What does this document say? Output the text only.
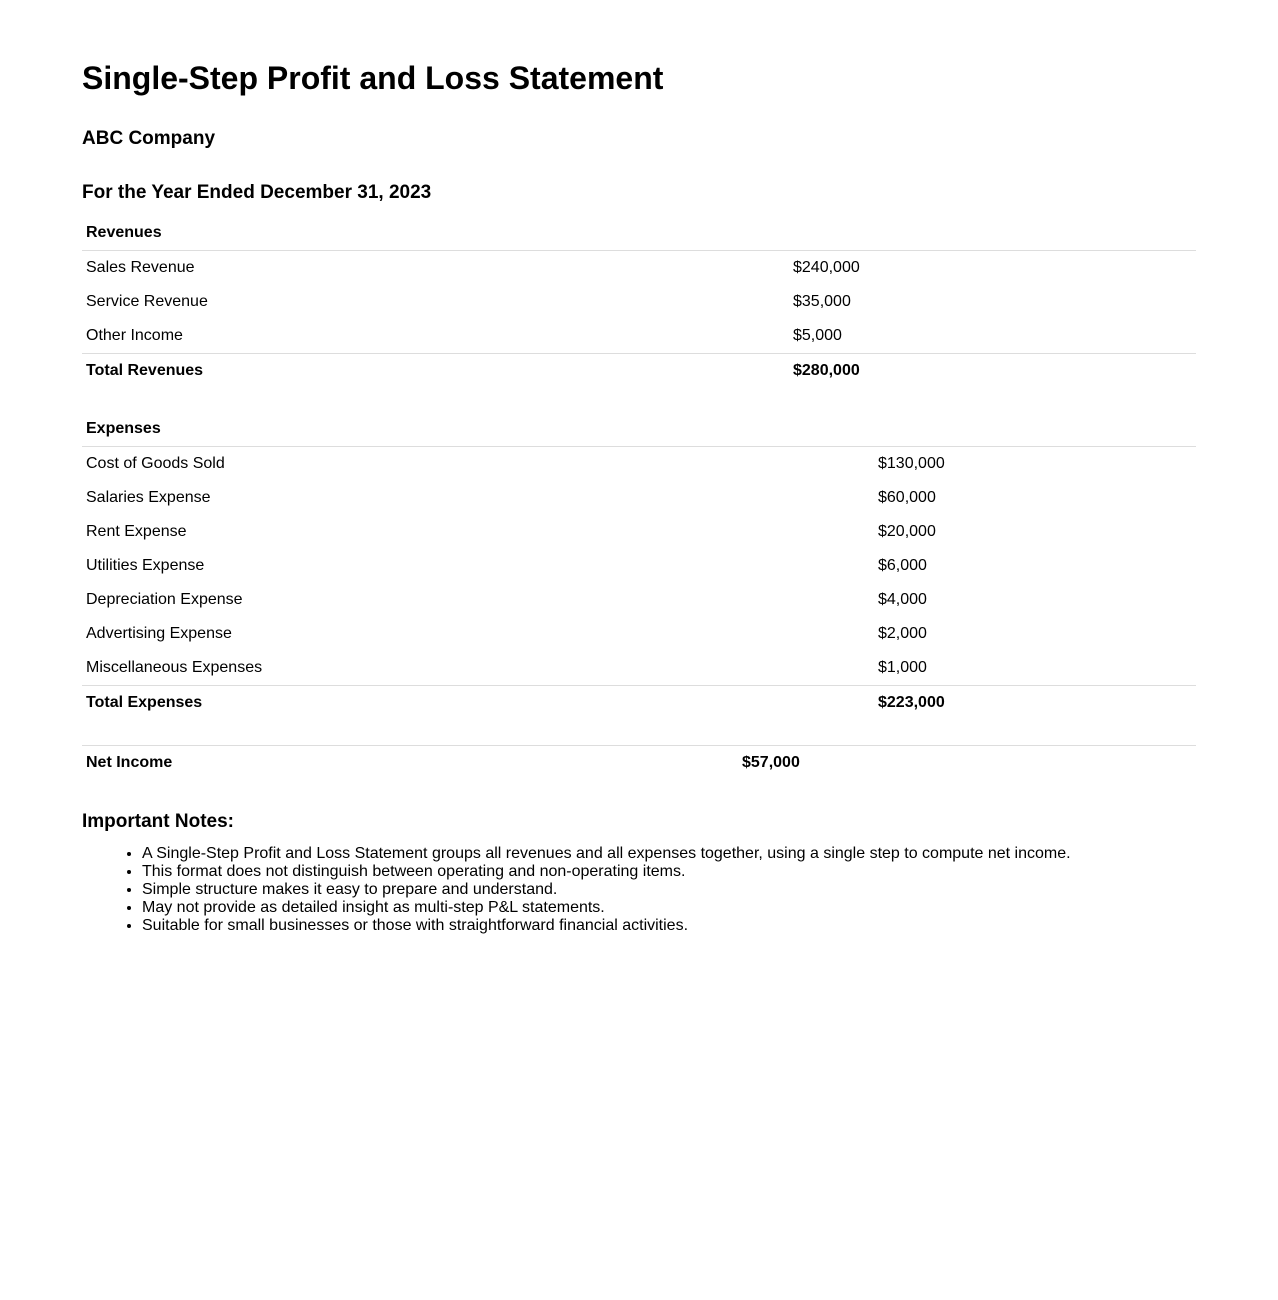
Single-Step Profit and Loss Statement
ABC Company
For the Year Ended December 31, 2023
Revenues
Sales Revenue	$240,000
Service Revenue	$35,000
Other Income	$5,000
Total Revenues	$280,000
Expenses
Cost of Goods Sold	$130,000
Salaries Expense	$60,000
Rent Expense	$20,000
Utilities Expense	$6,000
Depreciation Expense	$4,000
Advertising Expense	$2,000
Miscellaneous Expenses	$1,000
Total Expenses	$223,000
Net Income	$57,000
Important Notes:
• A Single-Step Profit and Loss Statement groups all revenues and all expenses together, using a single step to compute net income.
• This format does not distinguish between operating and non-operating items.
• Simple structure makes it easy to prepare and understand.
• May not provide as detailed insight as multi-step P&L statements.
• Suitable for small businesses or those with straightforward financial activities.
